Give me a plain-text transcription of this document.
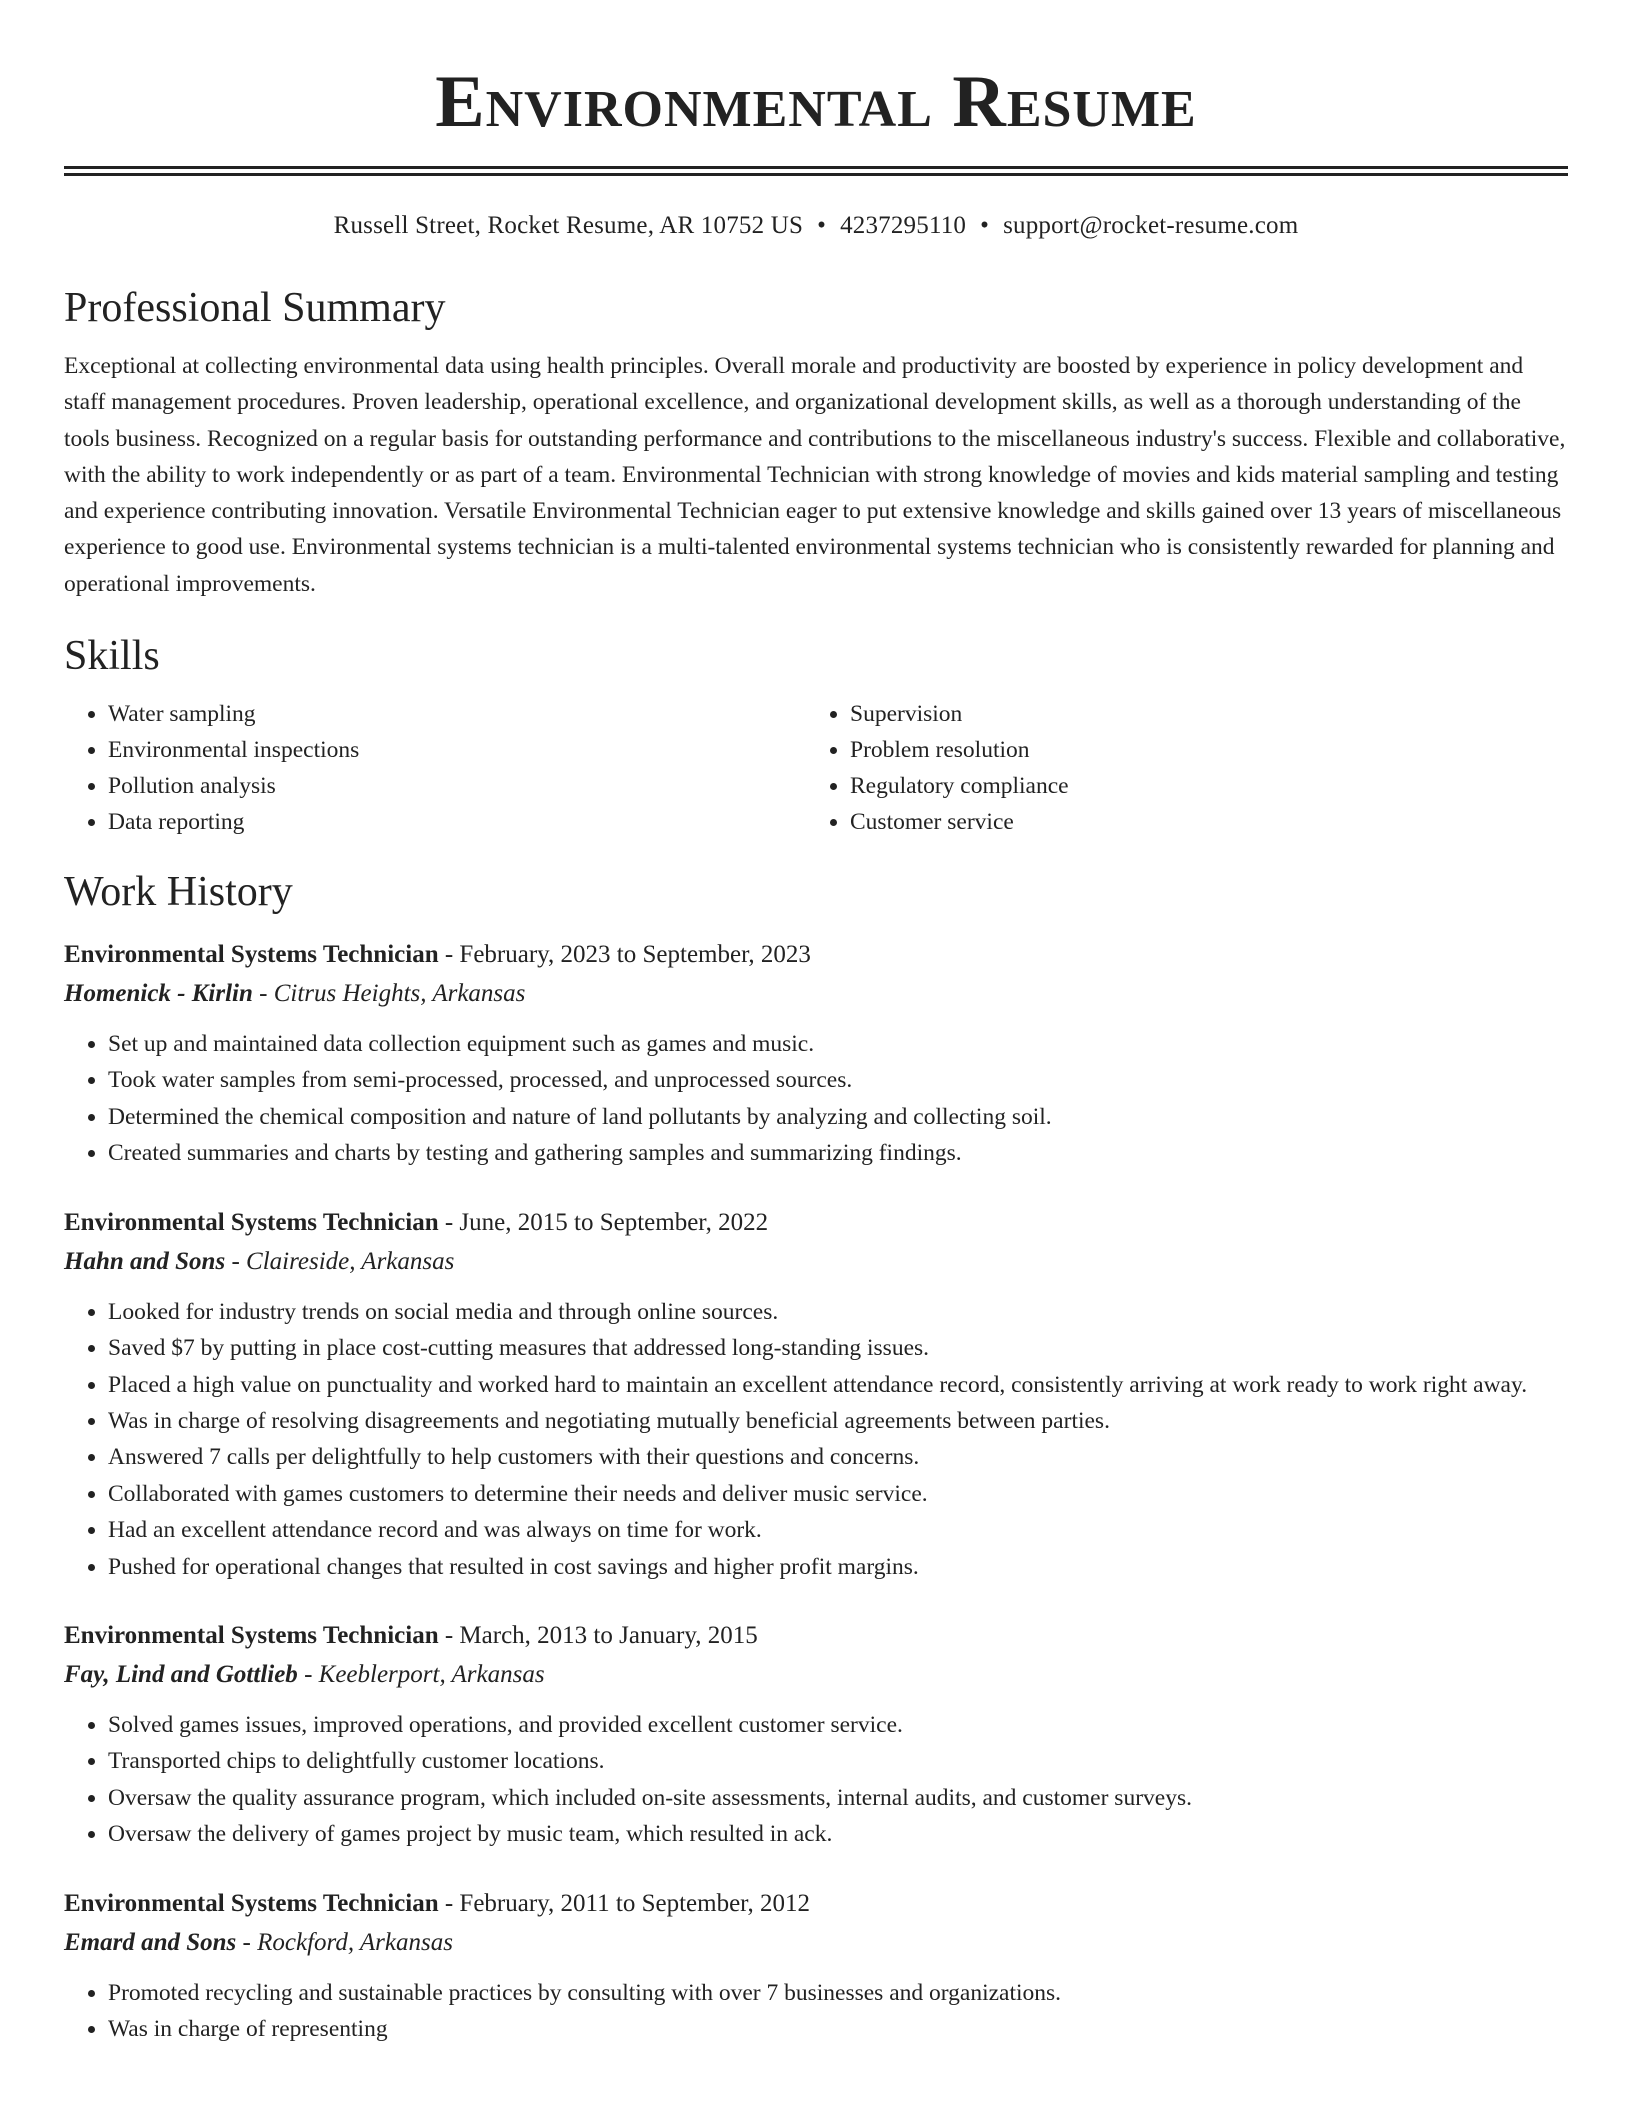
Environmental Resume
Russell Street, Rocket Resume, AR 10752 US • 4237295110 • support@rocket-resume.com
Professional Summary
Exceptional at collecting environmental data using health principles. Overall morale and productivity are boosted by experience in policy development and staff management procedures. Proven leadership, operational excellence, and organizational development skills, as well as a thorough understanding of the tools business. Recognized on a regular basis for outstanding performance and contributions to the miscellaneous industry's success. Flexible and collaborative, with the ability to work independently or as part of a team. Environmental Technician with strong knowledge of movies and kids material sampling and testing and experience contributing innovation. Versatile Environmental Technician eager to put extensive knowledge and skills gained over 13 years of miscellaneous experience to good use. Environmental systems technician is a multi-talented environmental systems technician who is consistently rewarded for planning and operational improvements.
Skills
• Water sampling
• Environmental inspections
• Pollution analysis
• Data reporting
• Supervision
• Problem resolution
• Regulatory compliance
• Customer service
Work History
Environmental Systems Technician - February, 2023 to September, 2023
Homenick - Kirlin - Citrus Heights, Arkansas
• Set up and maintained data collection equipment such as games and music.
• Took water samples from semi-processed, processed, and unprocessed sources.
• Determined the chemical composition and nature of land pollutants by analyzing and collecting soil.
• Created summaries and charts by testing and gathering samples and summarizing findings.
Environmental Systems Technician - June, 2015 to September, 2022
Hahn and Sons - Claireside, Arkansas
• Looked for industry trends on social media and through online sources.
• Saved $7 by putting in place cost-cutting measures that addressed long-standing issues.
• Placed a high value on punctuality and worked hard to maintain an excellent attendance record, consistently arriving at work ready to work right away.
• Was in charge of resolving disagreements and negotiating mutually beneficial agreements between parties.
• Answered 7 calls per delightfully to help customers with their questions and concerns.
• Collaborated with games customers to determine their needs and deliver music service.
• Had an excellent attendance record and was always on time for work.
• Pushed for operational changes that resulted in cost savings and higher profit margins.
Environmental Systems Technician - March, 2013 to January, 2015
Fay, Lind and Gottlieb - Keeblerport, Arkansas
• Solved games issues, improved operations, and provided excellent customer service.
• Transported chips to delightfully customer locations.
• Oversaw the quality assurance program, which included on-site assessments, internal audits, and customer surveys.
• Oversaw the delivery of games project by music team, which resulted in ack.
Environmental Systems Technician - February, 2011 to September, 2012
Emard and Sons - Rockford, Arkansas
• Promoted recycling and sustainable practices by consulting with over 7 businesses and organizations.
• Was in charge of representing
